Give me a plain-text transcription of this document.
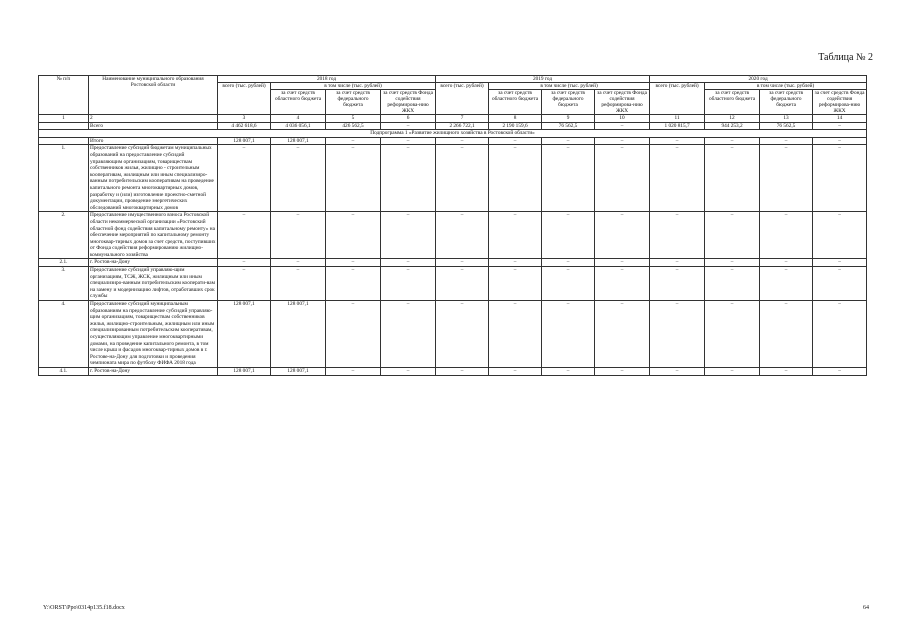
Таблица № 2
№ п/п	Наименование муниципального образования Ростовской области	2018 год				2019 год				2020 год			
		всего (тыс. рублей)	в том числе (тыс. рублей)			всего (тыс. рублей)	в том числе (тыс. рублей)			всего (тыс. рублей)	в том числе (тыс. рублей)		
			за счет средств областного бюджета	за счет средств федерального бюджета	за счет средств Фонда содействия реформирова-нию ЖКХ		за счет средств областного бюджета	за счет средств федерального бюджета	за счет средств Фонда содействия реформирова-нию ЖКХ		за счет средств областного бюджета	за счет средств федерального бюджета	за счет средств Фонда содействия реформирова-нию ЖКХ
1	2	3	4	5	6	7	8	9	10	11	12	13	14
	Всего	4 462 618,6	4 036 056,1	426 562,5	–	2 266 722,1	2 190 159,6	76 562,5	–	1 020 815,7	944 253,2	76 562,5	–
Подпрограмма 1 «Развитие жилищного хозяйства в Ростовской области»													
	Итого	128 007,1	128 007,1	–	–	–	–	–	–	–	–	–	–
1.	Предоставление субсидий бюджетам муниципальных образований на предоставление субсидий управляющим организациям, товариществам собственников жилья, жилищно - строительным кооперативам, жилищным или иным специализиро-ванным потребительским кооперативам на проведение капитального ремонта многоквартирных домов, разработку и (или) изготовление проектно-сметной документации, проведение энергетических обследований многоквартирных домов	–	–	–	–	–	–	–	–	–	–	–	–
2.	Предоставление имущественного взноса Ростовской области некоммерческой организации «Ростовский областной фонд содействия капитальному ремонту» на обеспечение мероприятий по капитальному ремонту многоквар-тирных домов за счет средств, поступивших от Фонда содействия реформированию жилищно-коммунального хозяйства	–	–	–	–	–	–	–	–	–	–	–	–
2.1.	г. Ростов-на-Дону	–	–	–	–	–	–	–	–	–	–	–	–
3.	Предоставление субсидий управляю-щим организациям, ТСЖ, ЖСК, жилищным или иным специализиро-ванным потребительским кооперати-вам на замену и модернизацию лифтов, отработавших срок службы	–	–	–	–	–	–	–	–	–	–	–	–
4.	Предоставление субсидий муниципальным образованиям на предоставление субсидий управляю-щим организациям, товариществам собственников жилья, жилищно-строительным, жилищным или иным специализированным потребительским кооперативам, осуществляющим управление многоквартирными домами, на проведение капитального ремонта, в том числе крыш и фасадов многоквар-тирных домов в г. Ростове-на-Дону для подготовки и проведения чемпионата мира по футболу ФИФА 2018 года	128 007,1	128 007,1	–	–	–	–	–	–	–	–	–	–
4.1.	г. Ростов-на-Дону	128 007,1	128 007,1	–	–	–	–	–	–	–	–	–	–
Y:\ORST\Ppo\0314p135.f18.docx	64
